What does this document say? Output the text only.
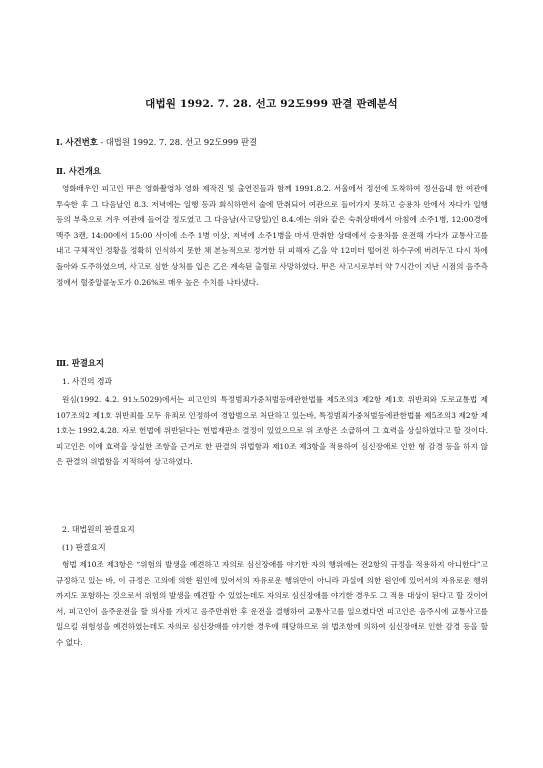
대법원 1992. 7. 28. 선고 92도999 판결 판례분석
Ⅰ. 사건번호 - 대법원 1992. 7. 28. 선고 92도999 판결
Ⅱ. 사건개요
영화배우인 피고인 甲은 영화촬영차 영화 제작진 및 출연진들과 함께 1991.8.2. 서울에서 정선에 도착하여 정선읍내 한 여관에 투숙한 후 그 다음날인 8.3. 저녁에는 일행 등과 회식하면서 술에 만취되어 여관으로 들어가지 못하고 승용차 안에서 자다가 일행 등의 부축으로 겨우 여관에 들어갈 정도였고 그 다음날(사고당일)인 8.4.에는 위와 같은 숙취상태에서 아침에 소주1병, 12:00경에 맥주 3캔, 14:00에서 15:00 사이에 소주 1병 이상, 저녁에 소주1병을 마셔 만취한 상태에서 승용차를 운전해 가다가 교통사고를 내고 구체적인 정황을 정확히 인식하지 못한 채 본능적으로 정거한 뒤 피해자 乙을 약 12미터 떨어진 하수구에 버려두고 다시 차에 돌아와 도주하였으며, 사고로 심한 상처를 입은 乙은 계속된 출혈로 사망하였다. 甲은 사고시로부터 약 7시간이 지난 시점의 음주측정에서 혈중알콜농도가 0.26%로 매우 높은 수치를 나타냈다.
Ⅲ. 판결요지
1. 사건의 경과
원심(1992. 4.2. 91노5029)에서는 피고인의 특정범죄가중처벌등에관한법률 제5조의3 제2항 제1호 위반죄와 도로교통법 제107조의2 제1호 위반죄를 모두 유죄로 인정하여 경합범으로 처단하고 있는바, 특정범죄가중처벌등에관한법률 제5조의3 제2항 제1호는 1992.4.28. 자로 헌법에 위반된다는 헌법재판소 결정이 있었으므로 위 조항은 소급하여 그 효력을 상실하였다고 할 것이다. 피고인은 이에 효력을 상실한 조항을 근거로 한 판결의 위법함과 제10조 제3항을 적용하여 심신장애로 인한 형 감경 등을 하지 않은 판결의 위법함을 지적하여 상고하였다.
2. 대법원의 판결요지
(1) 판결요지
형법 제10조 제3항은 “위험의 발생을 예견하고 자의로 심신장애를 야기한 자의 행위에는 전2항의 규정을 적용하지 아니한다”고 규정하고 있는 바, 이 규정은 고의에 의한 원인에 있어서의 자유로운 행위만이 아니라 과실에 의한 원인에 있어서의 자유로운 행위까지도 포함하는 것으로서 위험의 발생을 예견할 수 있었는데도 자의로 심신장애를 야기한 경우도 그 적용 대상이 된다고 할 것이어서, 피고인이 음주운전을 할 의사를 가지고 음주만취한 후 운전을 결행하여 교통사고를 일으켰다면 피고인은 음주시에 교통사고를 일으킬 위험성을 예견하였는데도 자의로 심신장애를 야기한 경우에 해당하므로 위 법조항에 의하여 심신장애로 인한 감경 등을 할 수 없다.
